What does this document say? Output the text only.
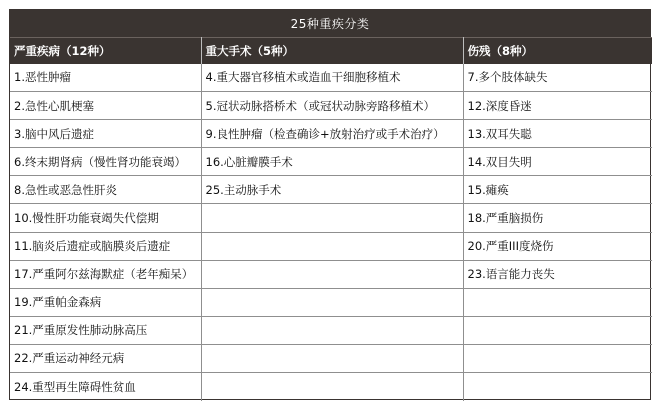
25种重疾分类
严重疾病（12种）	重大手术（5种）	伤残（8种）
1.恶性肿瘤	4.重大器官移植术或造血干细胞移植术	7.多个肢体缺失
2.急性心肌梗塞	5.冠状动脉搭桥术（或冠状动脉旁路移植术）	12.深度昏迷
3.脑中风后遗症	9.良性肿瘤（检查确诊+放射治疗或手术治疗）	13.双耳失聪
6.终末期肾病（慢性肾功能衰竭）	16.心脏瓣膜手术	14.双目失明
8.急性或恶急性肝炎	25.主动脉手术	15.瘫痪
10.慢性肝功能衰竭失代偿期		18.严重脑损伤
11.脑炎后遗症或脑膜炎后遗症		20.严重III度烧伤
17.严重阿尔兹海默症（老年痴呆）		23.语言能力丧失
19.严重帕金森病		
21.严重原发性肺动脉高压		
22.严重运动神经元病		
24.重型再生障碍性贫血		
